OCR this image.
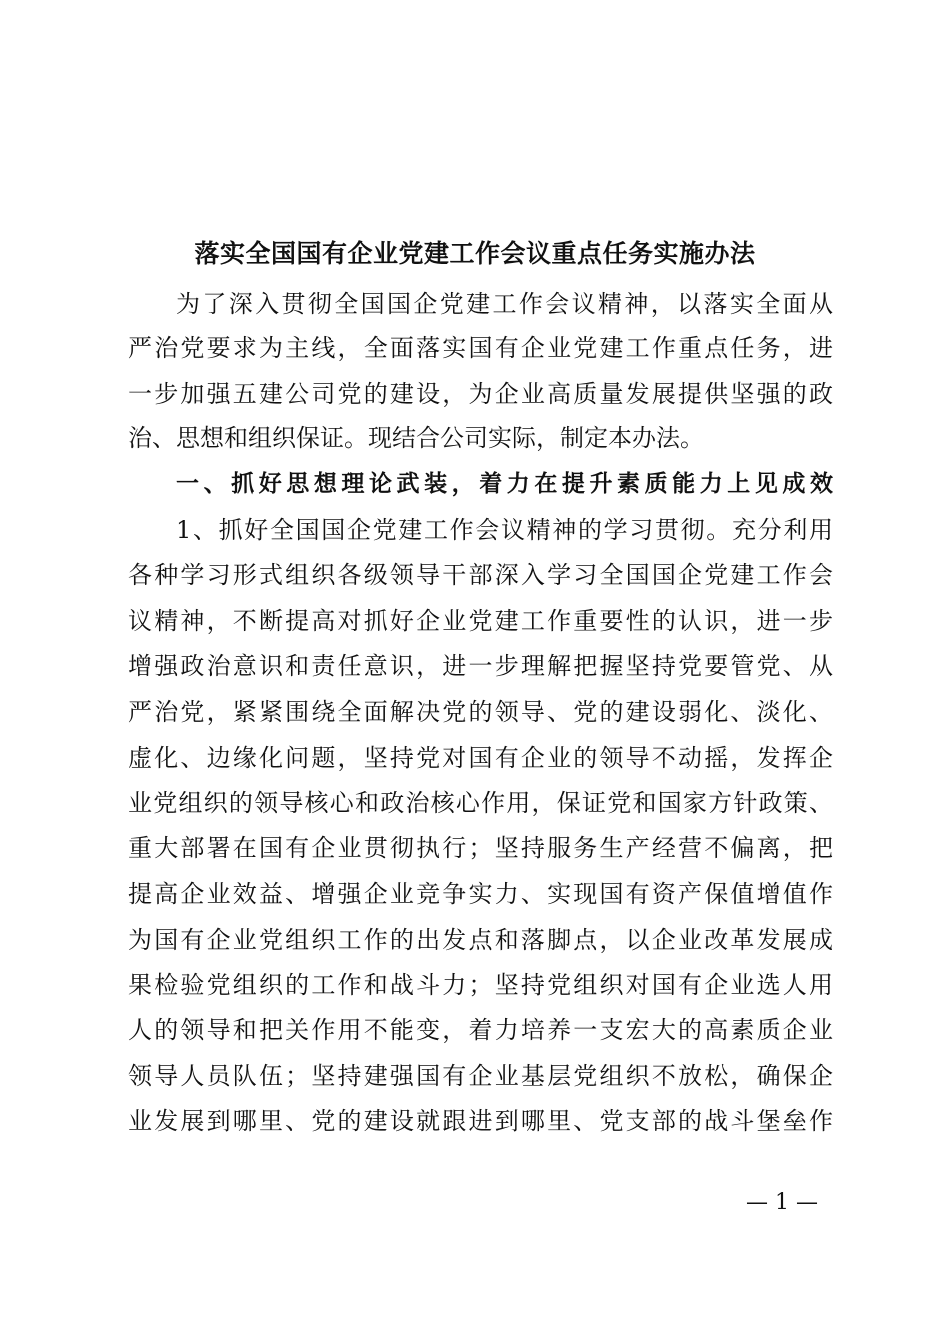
落实全国国有企业党建工作会议重点任务实施办法
为了深入贯彻全国国企党建工作会议精神，以落实全面从
严治党要求为主线，全面落实国有企业党建工作重点任务，进
一步加强五建公司党的建设，为企业高质量发展提供坚强的政
治、思想和组织保证。现结合公司实际，制定本办法。
一、抓好思想理论武装，着力在提升素质能力上见成效
1、抓好全国国企党建工作会议精神的学习贯彻。充分利用
各种学习形式组织各级领导干部深入学习全国国企党建工作会
议精神，不断提高对抓好企业党建工作重要性的认识，进一步
增强政治意识和责任意识，进一步理解把握坚持党要管党、从
严治党，紧紧围绕全面解决党的领导、党的建设弱化、淡化、
虚化、边缘化问题，坚持党对国有企业的领导不动摇，发挥企
业党组织的领导核心和政治核心作用，保证党和国家方针政策、
重大部署在国有企业贯彻执行；坚持服务生产经营不偏离，把
提高企业效益、增强企业竞争实力、实现国有资产保值增值作
为国有企业党组织工作的出发点和落脚点，以企业改革发展成
果检验党组织的工作和战斗力；坚持党组织对国有企业选人用
人的领导和把关作用不能变，着力培养一支宏大的高素质企业
领导人员队伍；坚持建强国有企业基层党组织不放松，确保企
业发展到哪里、党的建设就跟进到哪里、党支部的战斗堡垒作
— 1 —
